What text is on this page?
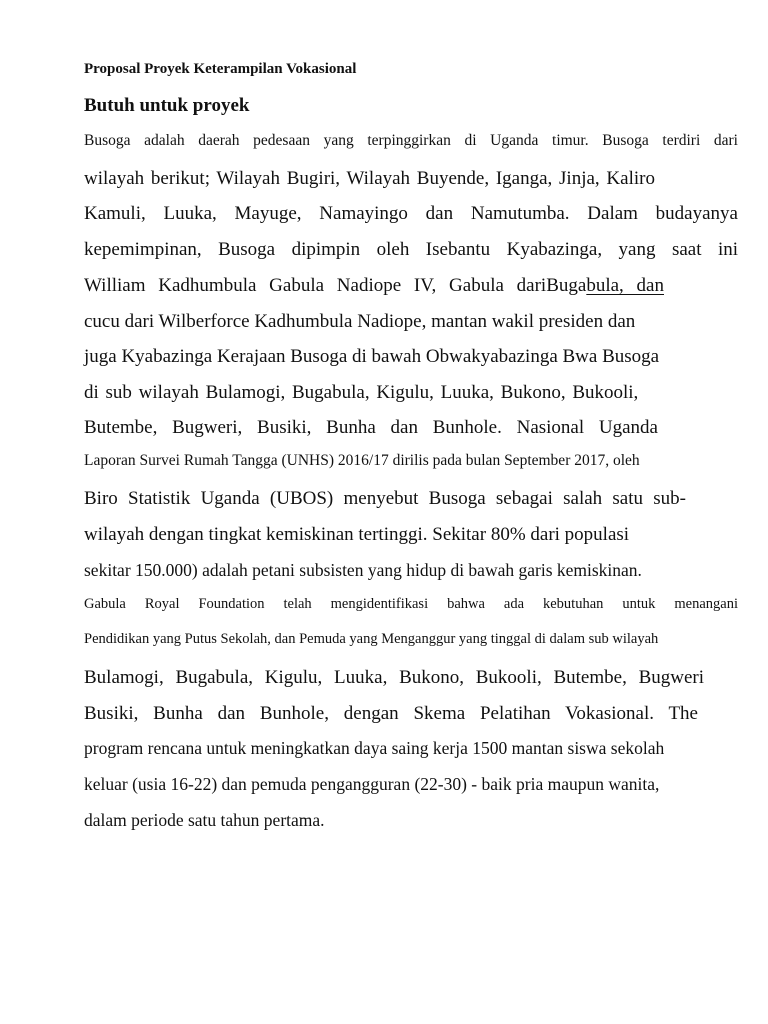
Proposal Proyek Keterampilan Vokasional
Butuh untuk proyek
Busoga adalah daerah pedesaan yang terpinggirkan di Uganda timur. Busoga terdiri dari
wilayah berikut; Wilayah Bugiri, Wilayah Buyende, Iganga, Jinja, Kaliro
Kamuli, Luuka, Mayuge, Namayingo dan Namutumba. Dalam budayanya
kepemimpinan, Busoga dipimpin oleh Isebantu Kyabazinga, yang saat ini
William Kadhumbula Gabula Nadiope IV, Gabula dariBugabula, dan
cucu dari Wilberforce Kadhumbula Nadiope, mantan wakil presiden dan
juga Kyabazinga Kerajaan Busoga di bawah Obwakyabazinga Bwa Busoga
di sub wilayah Bulamogi, Bugabula, Kigulu, Luuka, Bukono, Bukooli,
Butembe, Bugweri, Busiki, Bunha dan Bunhole. Nasional Uganda
Laporan Survei Rumah Tangga (UNHS) 2016/17 dirilis pada bulan September 2017, oleh
Biro Statistik Uganda (UBOS) menyebut Busoga sebagai salah satu sub-
wilayah dengan tingkat kemiskinan tertinggi. Sekitar 80% dari populasi
sekitar 150.000) adalah petani subsisten yang hidup di bawah garis kemiskinan.
Gabula Royal Foundation telah mengidentifikasi bahwa ada kebutuhan untuk menangani
Pendidikan yang Putus Sekolah, dan Pemuda yang Menganggur yang tinggal di dalam sub wilayah
Bulamogi, Bugabula, Kigulu, Luuka, Bukono, Bukooli, Butembe, Bugweri
Busiki, Bunha dan Bunhole, dengan Skema Pelatihan Vokasional. The
program rencana untuk meningkatkan daya saing kerja 1500 mantan siswa sekolah
keluar (usia 16-22) dan pemuda pengangguran (22-30) - baik pria maupun wanita,
dalam periode satu tahun pertama.
